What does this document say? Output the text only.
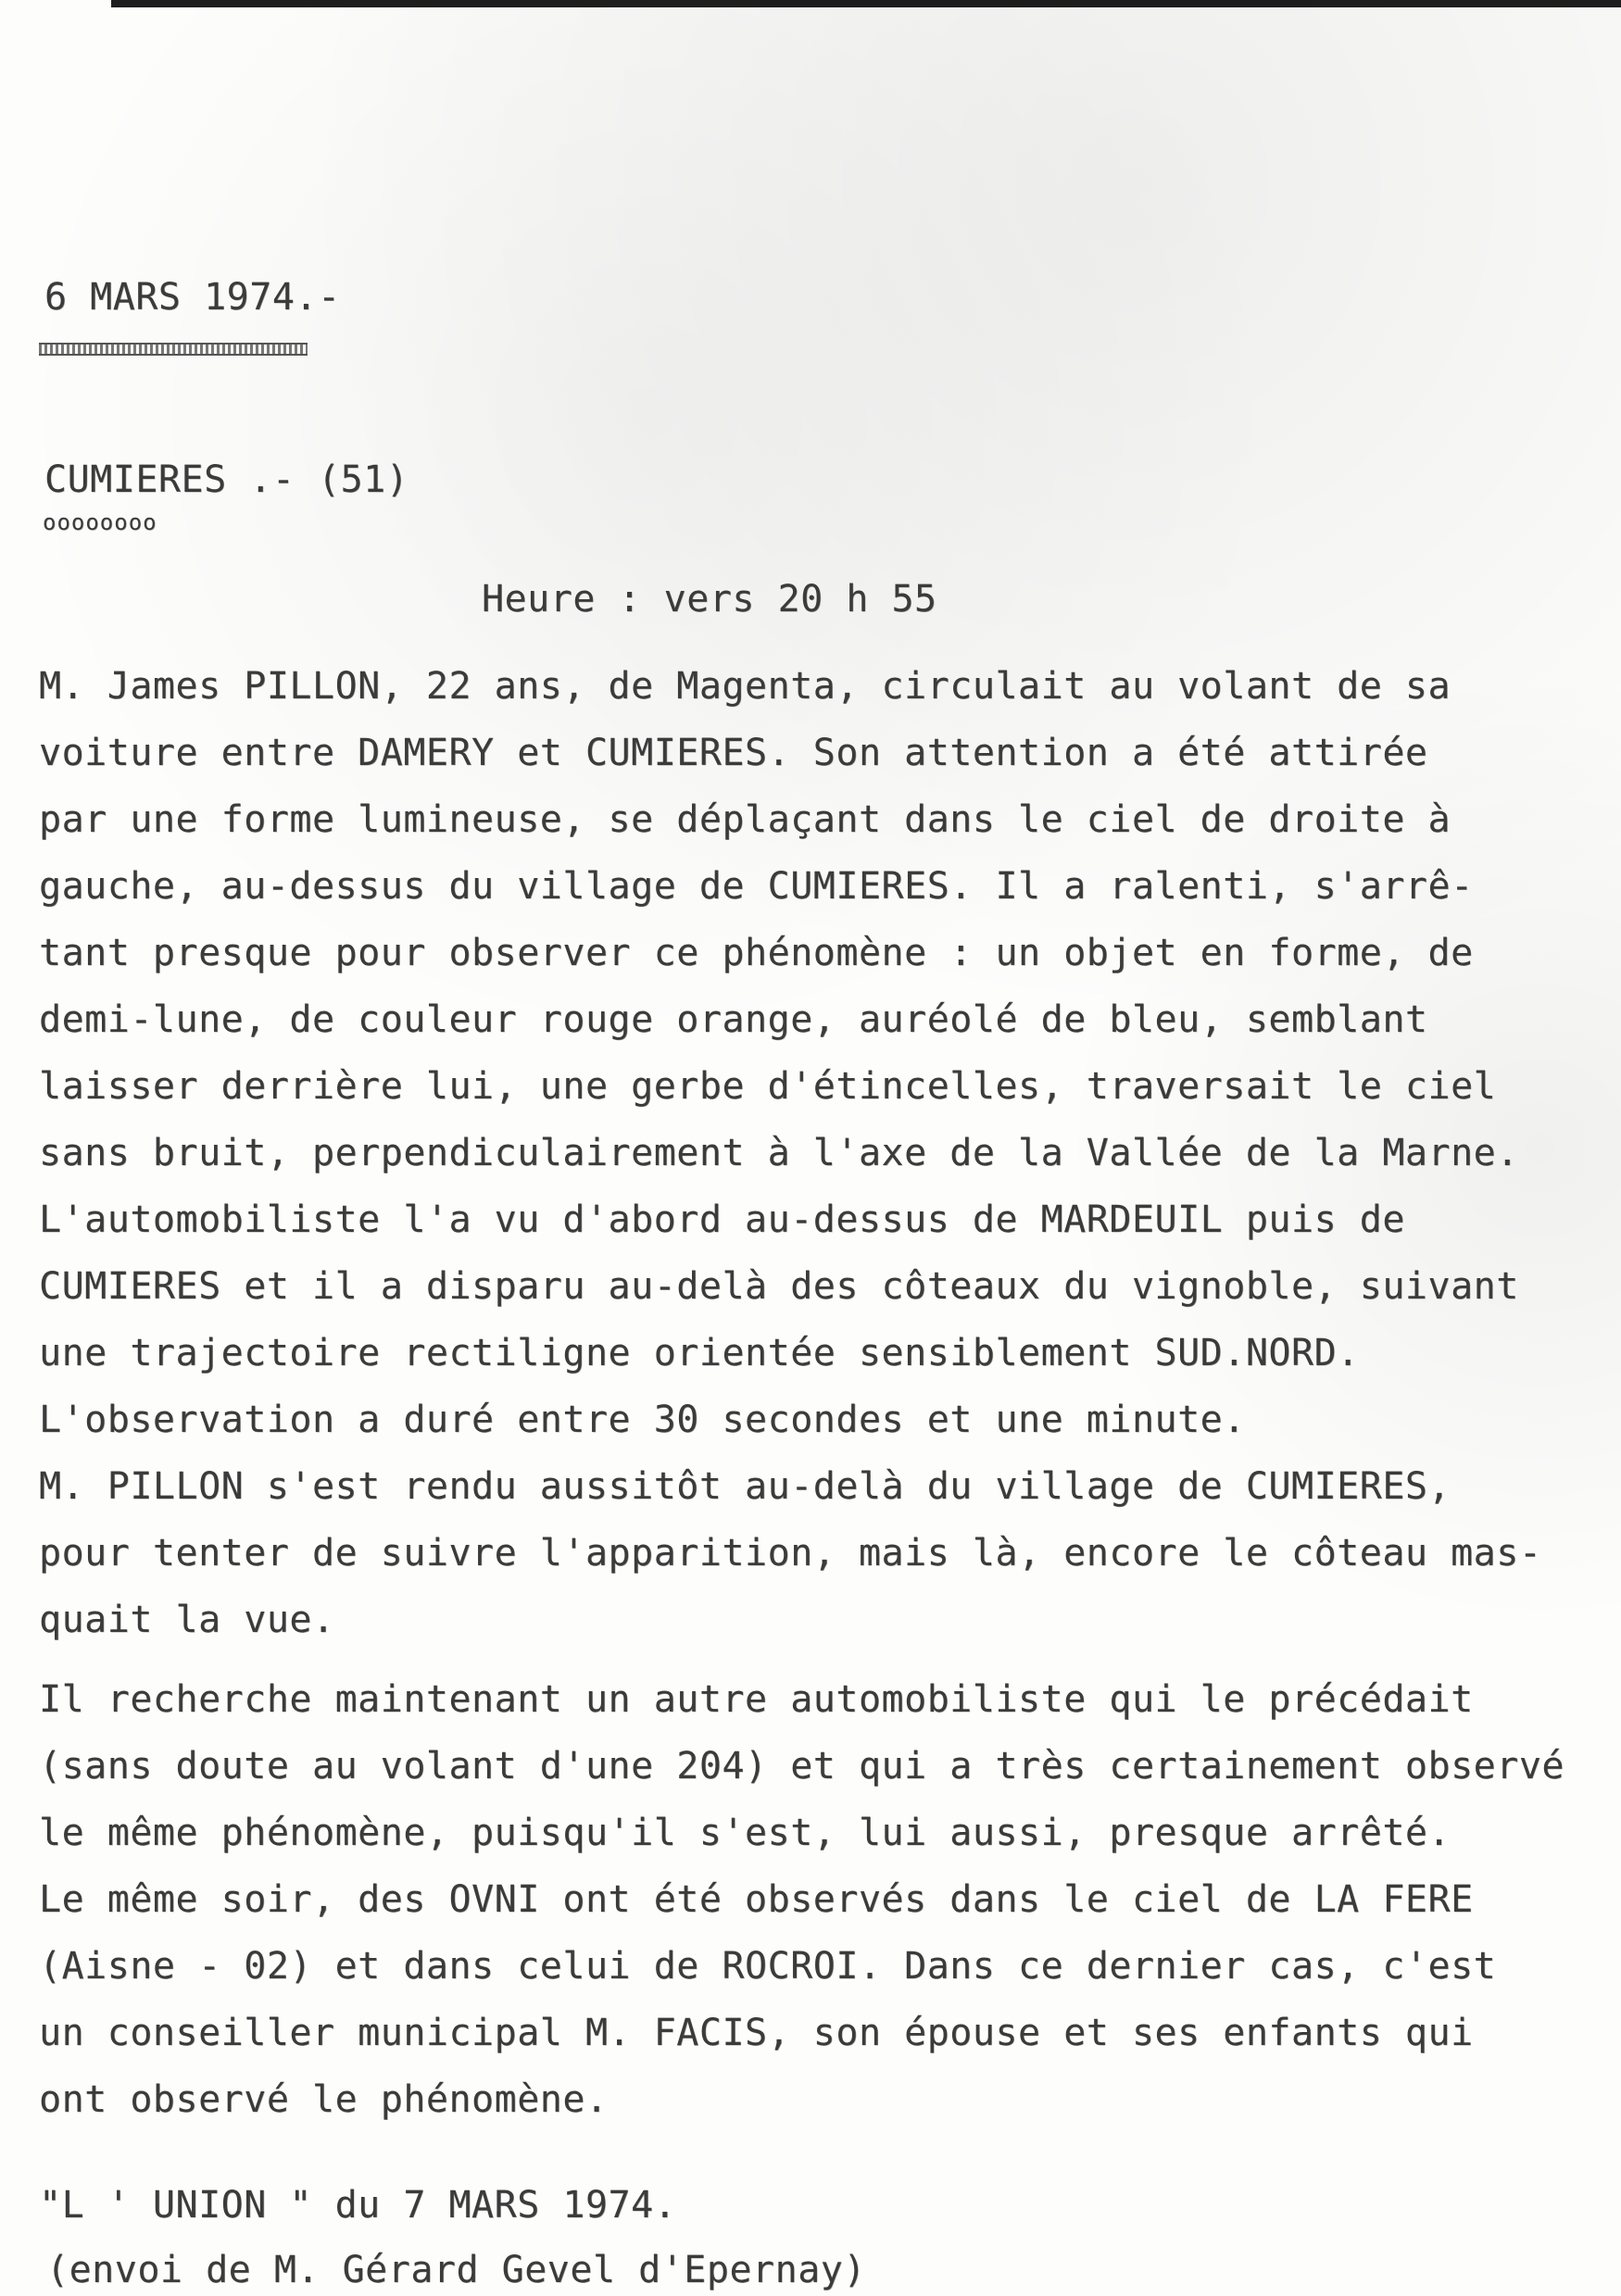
6 MARS 1974.-
CUMIERES .- (51)
oooooooo
Heure : vers 20 h 55
M. James PILLON, 22 ans, de Magenta, circulait au volant de sa
voiture entre DAMERY et CUMIERES. Son attention a été attirée
par une forme lumineuse, se déplaçant dans le ciel de droite à
gauche, au-dessus du village de CUMIERES. Il a ralenti, s'arrê-
tant presque pour observer ce phénomène : un objet en forme, de
demi-lune, de couleur rouge orange, auréolé de bleu, semblant
laisser derrière lui, une gerbe d'étincelles, traversait le ciel
sans bruit, perpendiculairement à l'axe de la Vallée de la Marne.
L'automobiliste l'a vu d'abord au-dessus de MARDEUIL puis de
CUMIERES et il a disparu au-delà des côteaux du vignoble, suivant
une trajectoire rectiligne orientée sensiblement SUD.NORD.
L'observation a duré entre 30 secondes et une minute.
M. PILLON s'est rendu aussitôt au-delà du village de CUMIERES,
pour tenter de suivre l'apparition, mais là, encore le côteau mas-
quait la vue.
Il recherche maintenant un autre automobiliste qui le précédait
(sans doute au volant d'une 204) et qui a très certainement observé
le même phénomène, puisqu'il s'est, lui aussi, presque arrêté.
Le même soir, des OVNI ont été observés dans le ciel de LA FERE
(Aisne - 02) et dans celui de ROCROI. Dans ce dernier cas, c'est
un conseiller municipal M. FACIS, son épouse et ses enfants qui
ont observé le phénomène.
"L ' UNION " du 7 MARS 1974.
(envoi de M. Gérard Gevel d'Epernay)
